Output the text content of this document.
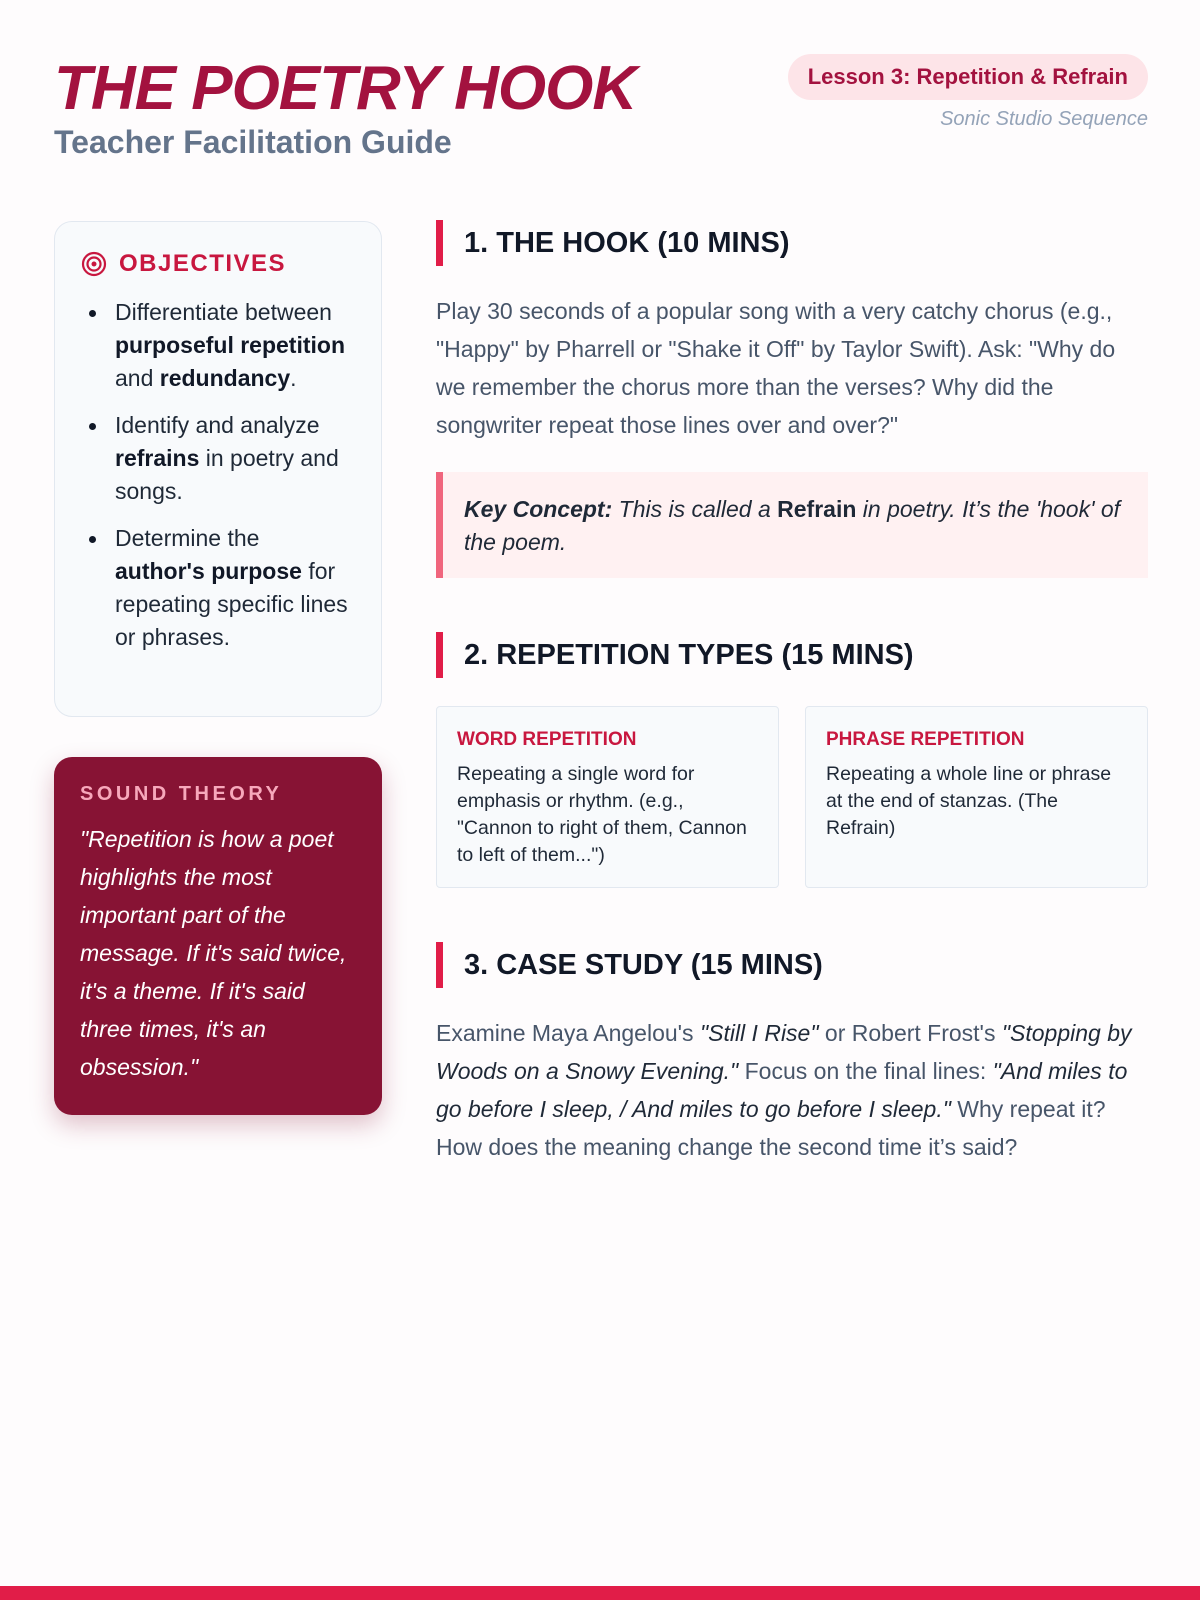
THE POETRY HOOK
Teacher Facilitation Guide
Lesson 3: Repetition & Refrain
Sonic Studio Sequence
OBJECTIVES
Differentiate between purposeful repetition and redundancy.
Identify and analyze refrains in poetry and songs.
Determine the author's purpose for repeating specific lines or phrases.
SOUND THEORY
"Repetition is how a poet highlights the most important part of the message. If it's said twice, it's a theme. If it's said three times, it's an obsession."
1. THE HOOK (10 MINS)
Play 30 seconds of a popular song with a very catchy chorus (e.g., "Happy" by Pharrell or "Shake it Off" by Taylor Swift). Ask: "Why do we remember the chorus more than the verses? Why did the songwriter repeat those lines over and over?"
Key Concept: This is called a Refrain in poetry. It’s the 'hook' of the poem.
2. REPETITION TYPES (15 MINS)
WORD REPETITION
Repeating a single word for emphasis or rhythm. (e.g., "Cannon to right of them, Cannon to left of them...")
PHRASE REPETITION
Repeating a whole line or phrase at the end of stanzas. (The Refrain)
3. CASE STUDY (15 MINS)
Examine Maya Angelou's "Still I Rise" or Robert Frost's "Stopping by Woods on a Snowy Evening." Focus on the final lines: "And miles to go before I sleep, / And miles to go before I sleep." Why repeat it? How does the meaning change the second time it’s said?
